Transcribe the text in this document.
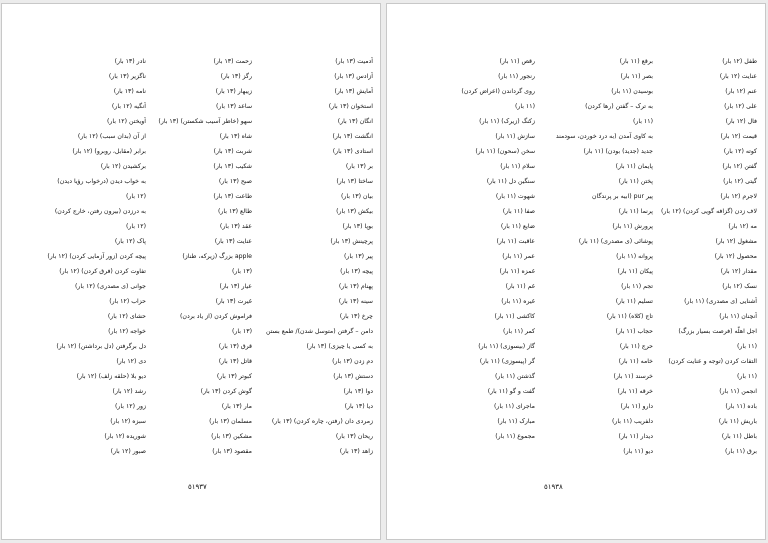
آدمیت (۱۳ بار)
آزادس (۱۳ بار)
آمایش (۱۳ بار)
استخوان (۱۳ بار)
انگان (۱۳ بار)
انگشت (۱۳ بار)
استادی (۱۳ بار)
بر (۱۳ بار)
ساختا (۱۳ بار)
بیان (۱۳ بار)
بیکش (۱۳ بار)
بوپا (۱۳ بار)
پرچینش (۱۳ بار)
پیر (۱۳ بار)
پیچه (۱۳ بار)
پهنام (۱۳ بار)
سینه (۱۳ بار)
چرخ (۱۳ بار)
دامن – گرفتن (متوسل شدن)/ طمع بستن
به کسی یا چیزی) (۱۳ بار)
دم زدن (۱۳ بار)
دستش (۱۳ بار)
دوا (۱۳ بار)
دیا (۱۳ بار)
زمردی دان (رفتن، چاره کردن) (۱۳ بار)
ریحان (۱۳ بار)
زاهد (۱۳ بار)
زحمت (۱۳ بار)
رگز (۱۳ بار)
زیبهار (۱۳ بار)
ساعد (۱۳ بار)
سهو (خاطر آسیب شکستن) (۱۳ بار)
شاه (۱۳ بار)
شربت (۱۳ بار)
شکیب (۱۳ بار)
صبح (۱۳ بار)
طاعت (۱۳ بار)
طالع (۱۳ بار)
عقد (۱۳ بار)
عنایت (۱۳ بار)
apple بزرگ (زیرکه، طناز)
(۱۳ بار)
عیار (۱۳ بار)
غیرت (۱۳ بار)
فراموش کردن (از یاد بردن)
(۱۳ بار)
قرق (۱۳ بار)
قاتل (۱۳ بار)
کبوتر (۱۳ بار)
گوش کردن (۱۳ بار)
مار (۱۳ بار)
مسلمان (۱۳ بار)
مشکین (۱۳ بار)
مقصود (۱۳ بار)
نادر (۱۳ بار)
ناگزیر (۱۳ بار)
نامه (۱۳ بار)
آنگیه (۱۲ بار)
آویختن (۱۲ بار)
از آن (بدان سبب) (۱۲ بار)
برابر (مقابل، روبرو) (۱۲ بار)
برکشیدن (۱۲ بار)
به خواب دیدن (درخواب رؤیا دیدن)
(۱۲ بار)
به درزدن (بیرون رفتن، خارج کردن)
(۱۲ بار)
پاک (۱۲ بار)
پیچه کردن (زور آزمایی کردن) (۱۲ بار)
تفاوت کردن (فرق کردن) (۱۲ بار)
جوانی (ی مصدری) (۱۲ بار)
حزاب (۱۲ بار)
حشای (۱۲ بار)
خواجه (۱۲ بار)
دل برگرفتن (دل برداشتن) (۱۲ بار)
دی (۱۲ بار)
دیو بلا (حلقه زلف) (۱۲ بار)
رشد (۱۲ بار)
زور (۱۲ بار)
سبزه (۱۲ بار)
شوریده (۱۲ بار)
صبور (۱۲ بار)
٥١٩٣٧
طفل (۱۲ بار)
عنایت (۱۲ بار)
عنم (۱۲ بار)
علی (۱۲ بار)
فال (۱۲ بار)
قیمت (۱۲ بار)
کوته (۱۲ بار)
گفتن (۱۲ بار)
گیتی (۱۲ بار)
لاجرم (۱۲ بار)
لاف زدن (گزافه گویی کردن) (۱۲ بار)
مه (۱۲ بار)
مشغول (۱۲ بار)
محصول (۱۲ بار)
مقدار (۱۲ بار)
نسک (۱۲ بار)
آشنایی (ی مصدری) (۱۱ بار)
آنچنان (۱۱ بار)
اجل اهلّه (فرصت بسیار بزرگ)
(۱۱ بار)
التفات کردن (توجه و عنایت کردن)
(۱۱ بار)
انجمن (۱۱ بار)
باده (۱۱ بار)
باریش (۱۱ بار)
باطل (۱۱ بار)
برق (۱۱ بار)
برقع (۱۱ بار)
بصر (۱۱ بار)
بوسیدن (۱۱ بار)
به ترک – گفتن (رها کردن)
(۱۱ بار)
به کاوی آمدن (به درد خوردن، سودمند
جدید (جدید) بودن) (۱۱ بار)
پایمان (۱۱ بار)
پختن (۱۱ بار)
پیر pur (ابیه بر پرندگان
پرنما (۱۱ بار)
پرورش (۱۱ بار)
پوشائی (ی مصدری) (۱۱ بار)
پروانه (۱۱ بار)
پیکان (۱۱ بار)
تجم (۱۱ بار)
تسلیم (۱۱ بار)
تاج (کلاه) (۱۱ بار)
حجاب (۱۱ بار)
حرج (۱۱ بار)
خامه (۱۱ بار)
خرسند (۱۱ بار)
خرقه (۱۱ بار)
دارو (۱۱ بار)
دلفریب (۱۱ بار)
دیدار (۱۱ بار)
دیو (۱۱ بار)
رقص (۱۱ بار)
رنجور (۱۱ بار)
روی گرداندن (اعراض کردن)
(۱۱ بار)
زکنگ (زیرک) (۱۱ بار)
سازش (۱۱ بار)
سخن (سحون) (۱۱ بار)
سلام (۱۱ بار)
سنگین دل (۱۱ بار)
شهوت (۱۱ بار)
صفا (۱۱ بار)
ضایع (۱۱ بار)
عاقبت (۱۱ بار)
عمر (۱۱ بار)
غمزه (۱۱ بار)
غم (۱۱ بار)
غیره (۱۱ بار)
کاکشی (۱۱ بار)
کمر (۱۱ بار)
گاز (بیسوزی) (۱۱ بار)
گر (پیسوزی) (۱۱ بار)
گذشتن (۱۱ بار)
گفت و گو (۱۱ بار)
ماجرای (۱۱ بار)
مبارک (۱۱ بار)
مجموع (۱۱ بار)
٥١٩٣٨
